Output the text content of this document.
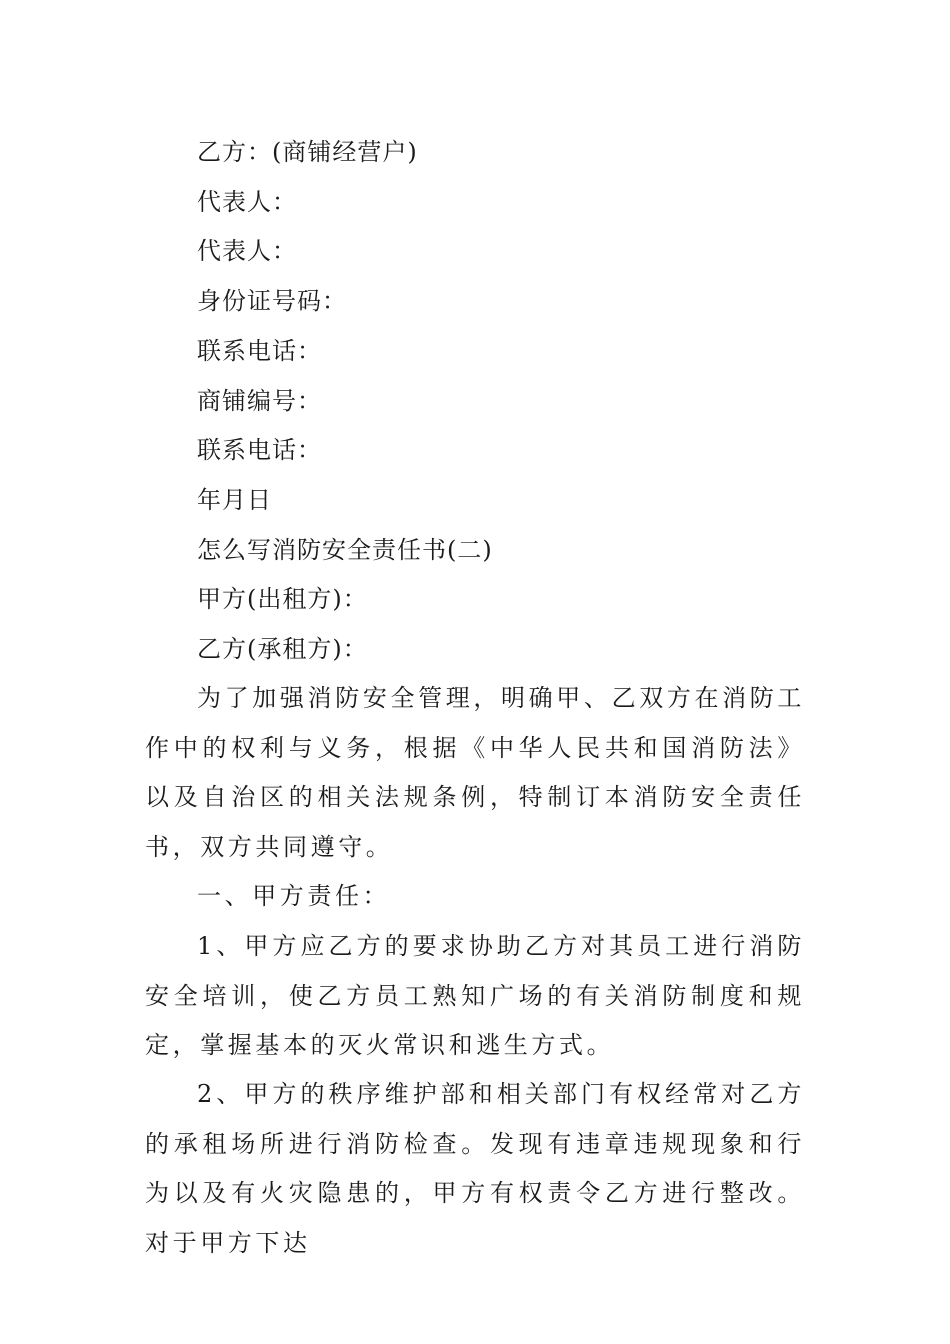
乙方：(商铺经营户)
代表人：
代表人：
身份证号码：
联系电话：
商铺编号：
联系电话：
年月日
怎么写消防安全责任书(二)
甲方(出租方)：
乙方(承租方)：
为了加强消防安全管理，明确甲、乙双方在消防工作中的权利与义务，根据《中华人民共和国消防法》以及自治区的相关法规条例，特制订本消防安全责任书，双方共同遵守。
一、甲方责任：
1、甲方应乙方的要求协助乙方对其员工进行消防安全培训，使乙方员工熟知广场的有关消防制度和规定，掌握基本的灭火常识和逃生方式。
2、甲方的秩序维护部和相关部门有权经常对乙方的承租场所进行消防检查。发现有违章违规现象和行为以及有火灾隐患的，甲方有权责令乙方进行整改。对于甲方下达
